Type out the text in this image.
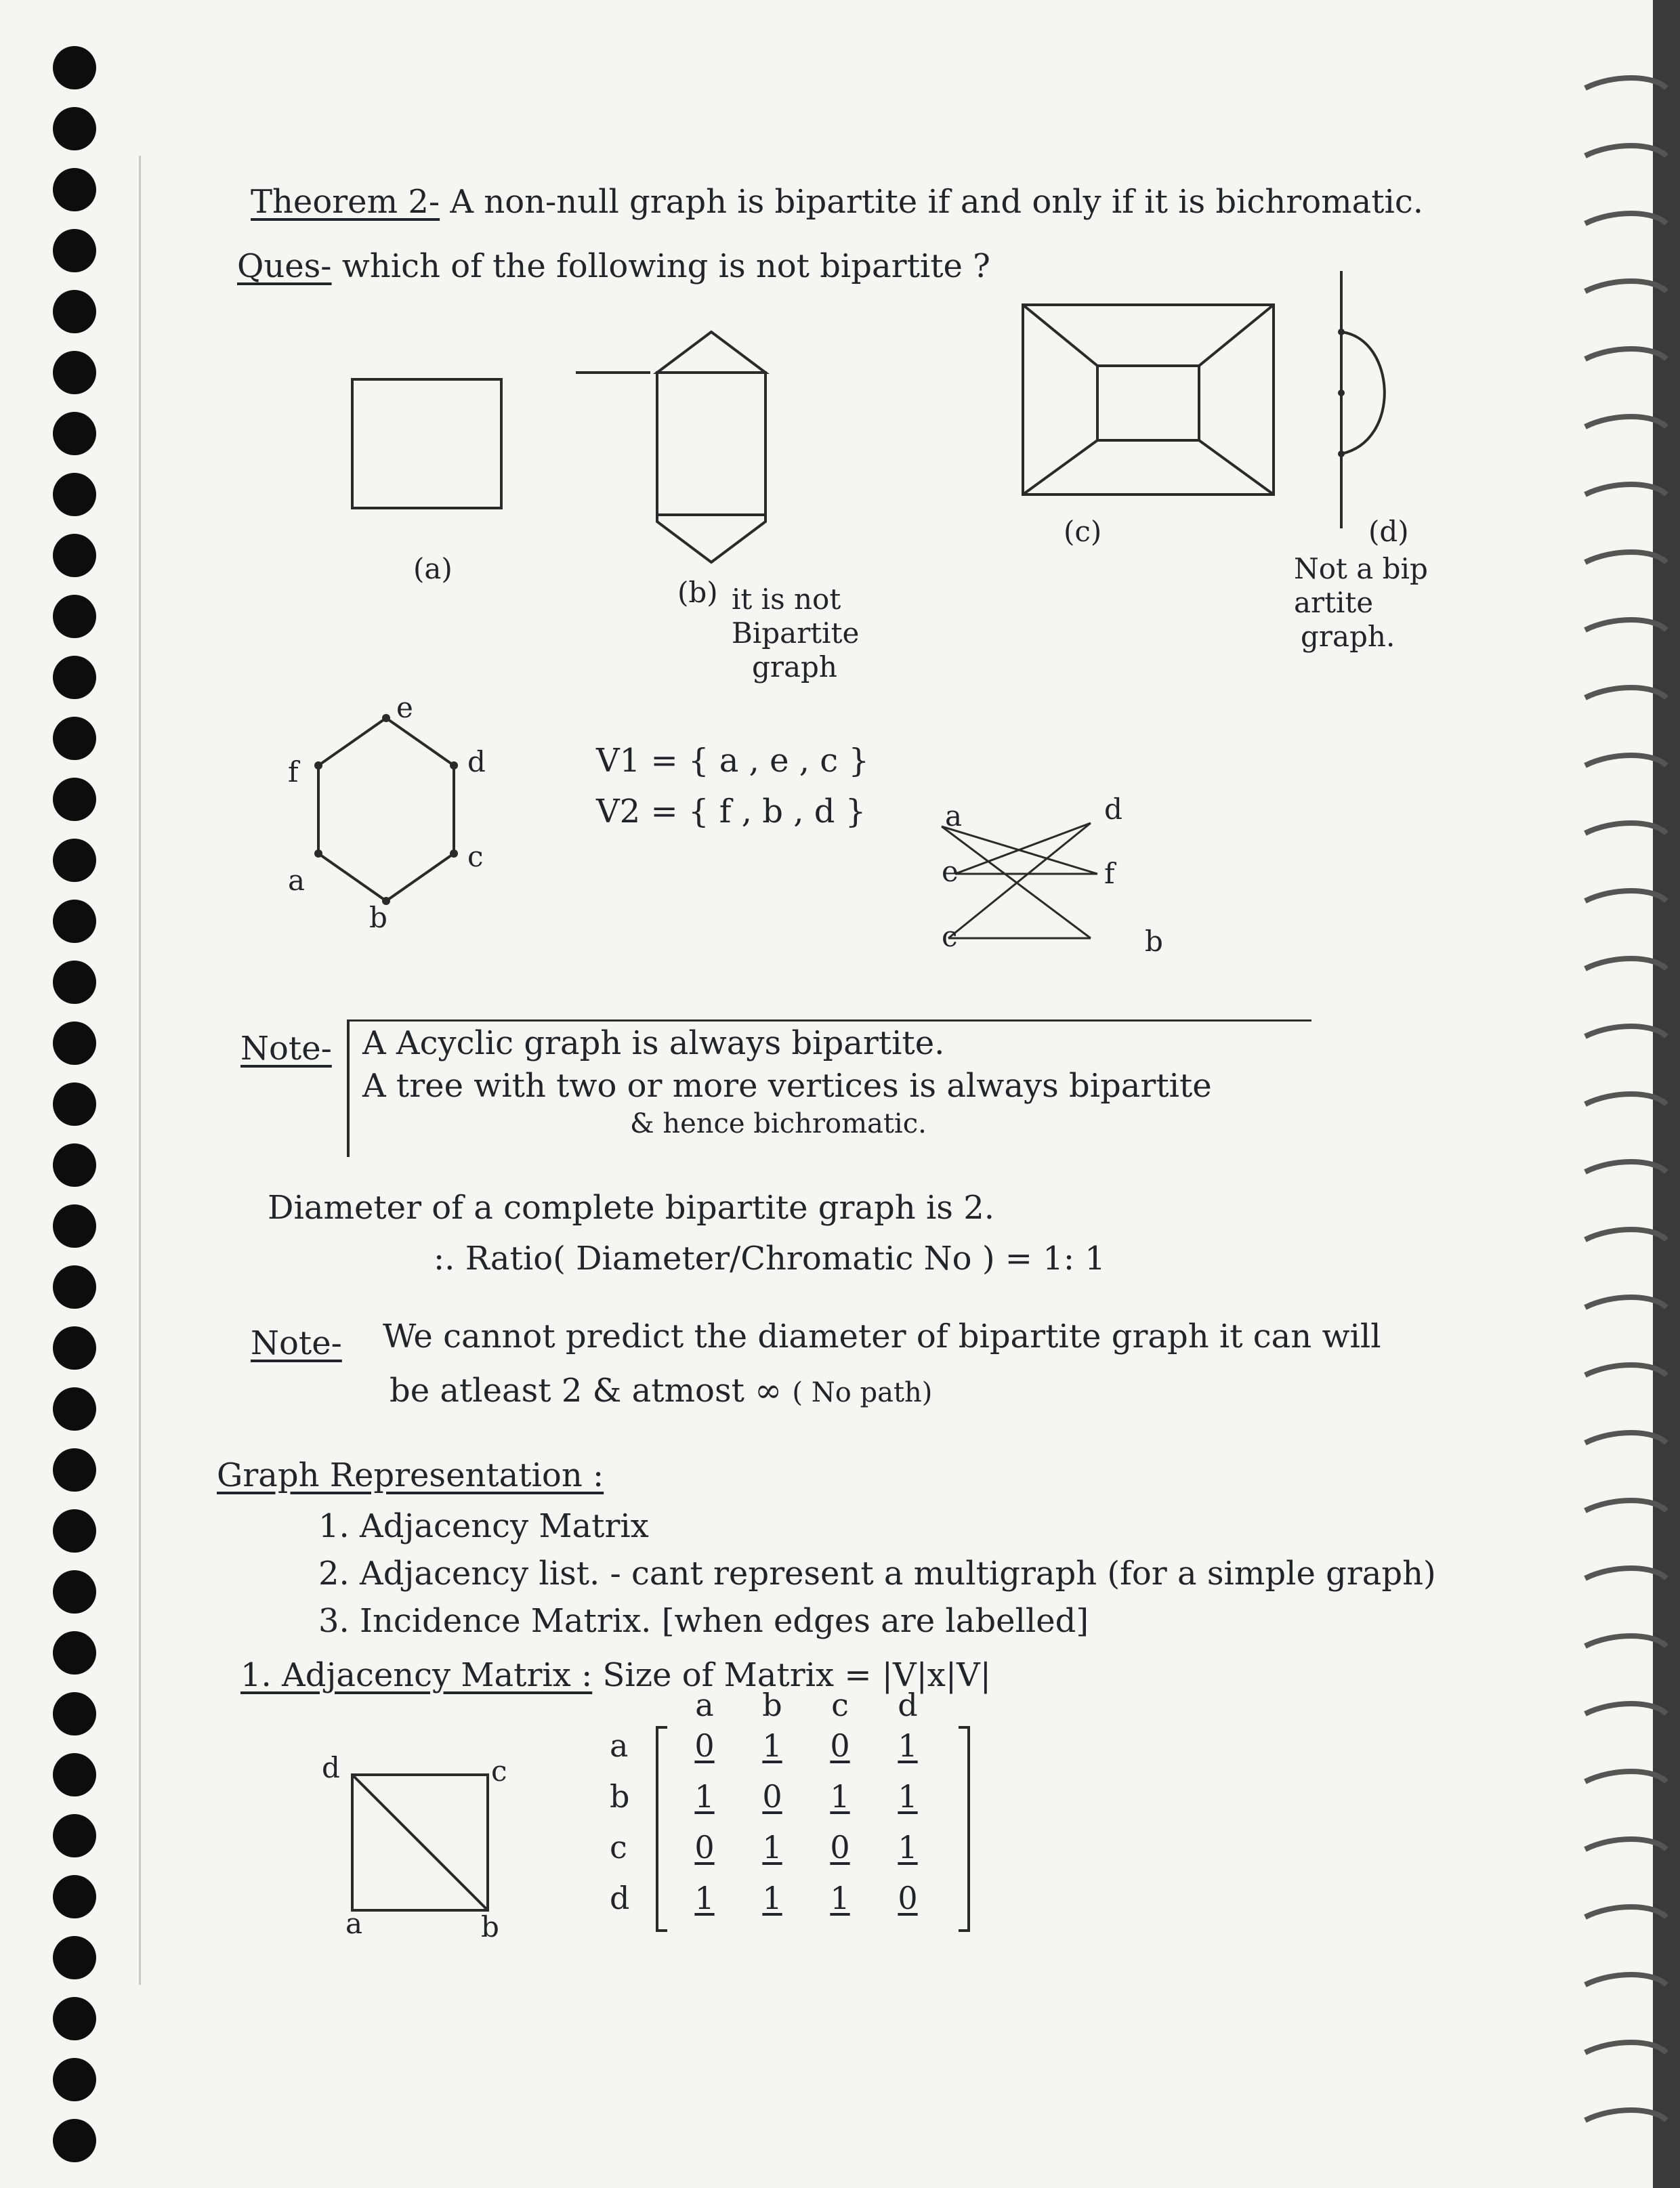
Theorem 2- A non-null graph is bipartite if and only if it is bichromatic.
Ques- which of the following is not bipartite ?
(a)
(b) it is not
Bipartite
graph
(c)	(d)
Not a bip
artite
graph.
e
d
c
b
a
f	V1 = { a , e , c }
V2 = { f , b , d }	a
e
c
d
f
b
Note- A Acyclic graph is always bipartite.
A tree with two or more vertices is always bipartite
& hence bichromatic.
Diameter of a complete bipartite graph is 2.
:. Ratio( Diameter/Chromatic No ) = 1: 1
Note- We cannot predict the diameter of bipartite graph it can will
be atleast 2 & atmost ∞ ( No path)
Graph Representation :
1. Adjacency Matrix
2. Adjacency list. - cant represent a multigraph (for a simple graph)
3. Incidence Matrix. [when edges are labelled]
1. Adjacency Matrix : Size of Matrix = |V|x|V|
d	c
a	b
a	b	c	d
a	0	1	0	1
b	1	0	1	1
c	0	1	0	1
d	1	1	1	0
